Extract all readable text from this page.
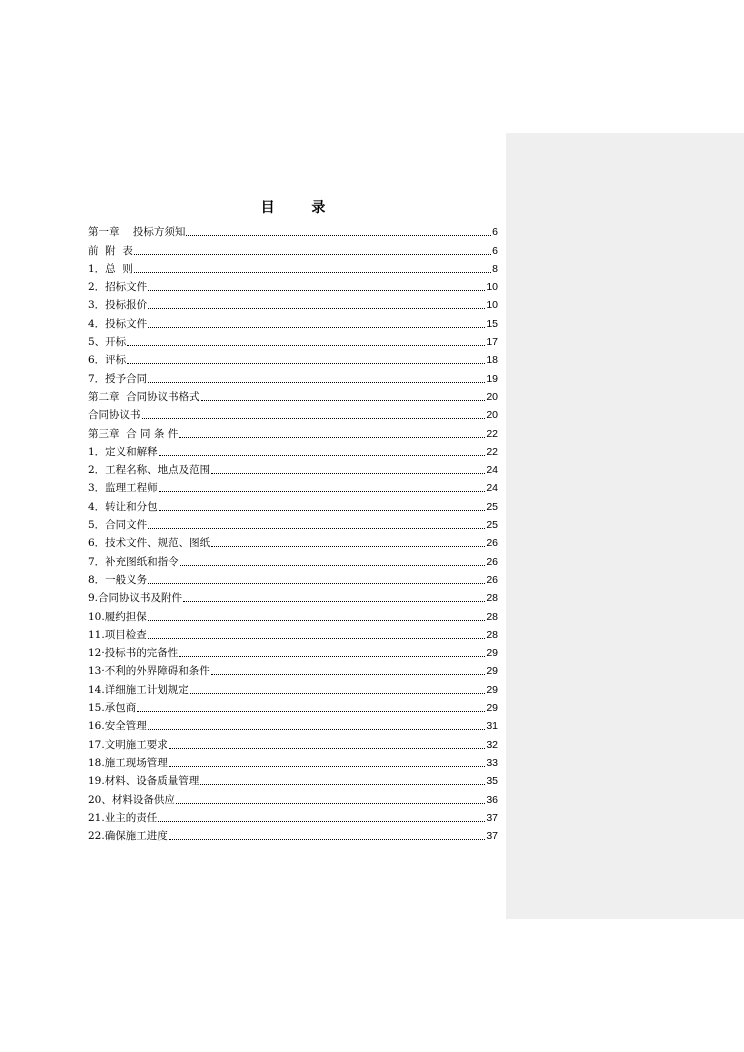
目 录
第一章    投标方须知	6
前  附  表	6
1．总  则	8
2．招标文件	10
3．投标报价	10
4．投标文件	15
5、开标	17
6．评标	18
7．授予合同	19
第二章  合同协议书格式	20
合同协议书	20
第三章  合 同 条 件	22
1．定义和解释	22
2．工程名称、地点及范围	24
3．监理工程师	24
4．转让和分包	25
5．合同文件	25
6．技术文件、规范、图纸	26
7．补充图纸和指令	26
8．一般义务	26
9.合同协议书及附件	28
10.履约担保	28
11.项目检查	28
12·投标书的完备性	29
13·不利的外界障碍和条件	29
14.详细施工计划规定	29
15.承包商	29
16.安全管理	31
17.文明施工要求	32
18.施工现场管理	33
19.材料、设备质量管理	35
20、材料设备供应	36
21.业主的责任	37
22.确保施工进度	37
